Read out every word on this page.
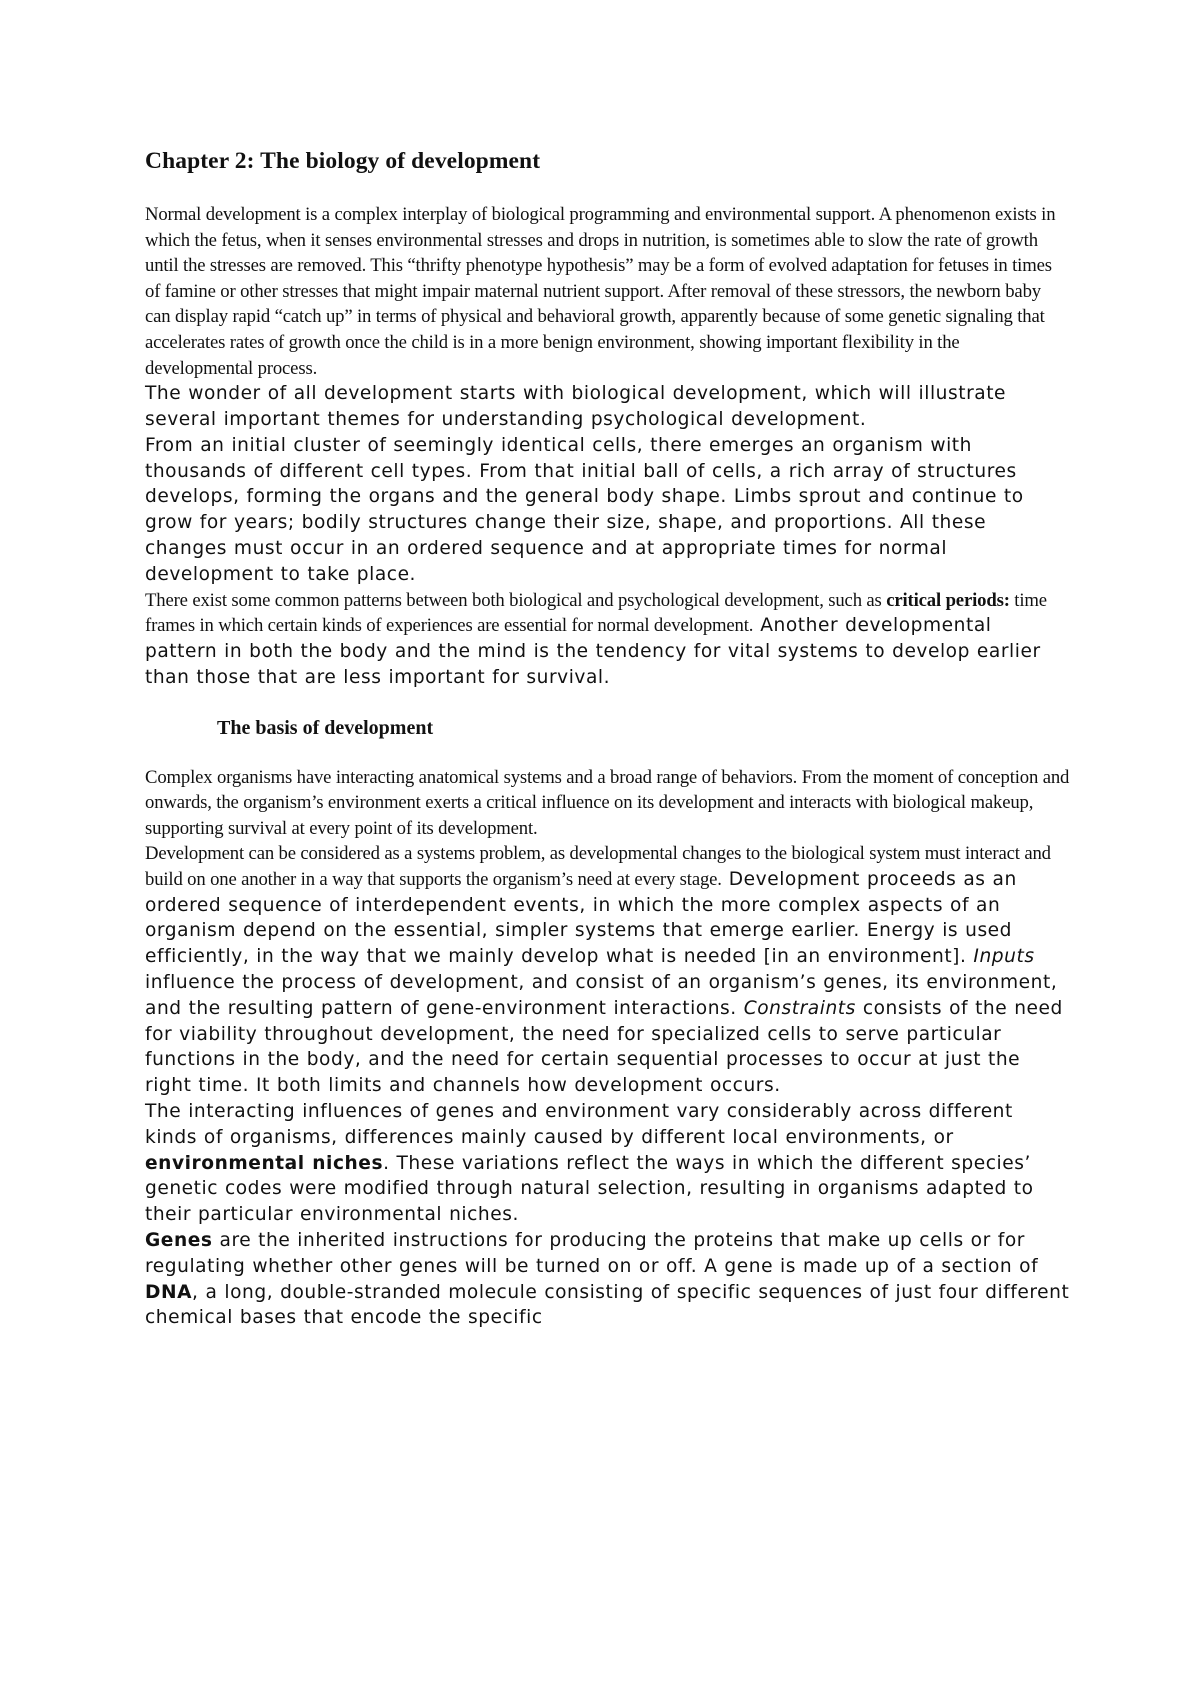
Chapter 2: The biology of development

Normal development is a complex interplay of biological programming and environmental support. A phenomenon exists in which the fetus, when it senses environmental stresses and drops in nutrition, is sometimes able to slow the rate of growth until the stresses are removed. This “thrifty phenotype hypothesis” may be a form of evolved adaptation for fetuses in times of famine or other stresses that might impair maternal nutrient support. After removal of these stressors, the newborn baby can display rapid “catch up” in terms of physical and behavioral growth, apparently because of some genetic signaling that accelerates rates of growth once the child is in a more benign environment, showing important flexibility in the developmental process.

The wonder of all development starts with biological development, which will illustrate several important themes for understanding psychological development.

From an initial cluster of seemingly identical cells, there emerges an organism with thousands of different cell types. From that initial ball of cells, a rich array of structures develops, forming the organs and the general body shape. Limbs sprout and continue to grow for years; bodily structures change their size, shape, and proportions. All these changes must occur in an ordered sequence and at appropriate times for normal development to take place.

There exist some common patterns between both biological and psychological development, such as critical periods: time frames in which certain kinds of experiences are essential for normal development. Another developmental pattern in both the body and the mind is the tendency for vital systems to develop earlier than those that are less important for survival.

The basis of development

Complex organisms have interacting anatomical systems and a broad range of behaviors. From the moment of conception and onwards, the organism’s environment exerts a critical influence on its development and interacts with biological makeup, supporting survival at every point of its development.

Development can be considered as a systems problem, as developmental changes to the biological system must interact and build on one another in a way that supports the organism’s need at every stage. Development proceeds as an ordered sequence of interdependent events, in which the more complex aspects of an organism depend on the essential, simpler systems that emerge earlier. Energy is used efficiently, in the way that we mainly develop what is needed [in an environment]. Inputs influence the process of development, and consist of an organism’s genes, its environment, and the resulting pattern of gene-environment interactions. Constraints consists of the need for viability throughout development, the need for specialized cells to serve particular functions in the body, and the need for certain sequential processes to occur at just the right time. It both limits and channels how development occurs.

The interacting influences of genes and environment vary considerably across different kinds of organisms, differences mainly caused by different local environments, or environmental niches. These variations reflect the ways in which the different species’ genetic codes were modified through natural selection, resulting in organisms adapted to their particular environmental niches.

Genes are the inherited instructions for producing the proteins that make up cells or for regulating whether other genes will be turned on or off. A gene is made up of a section of DNA, a long, double-stranded molecule consisting of specific sequences of just four different chemical bases that encode the specific
